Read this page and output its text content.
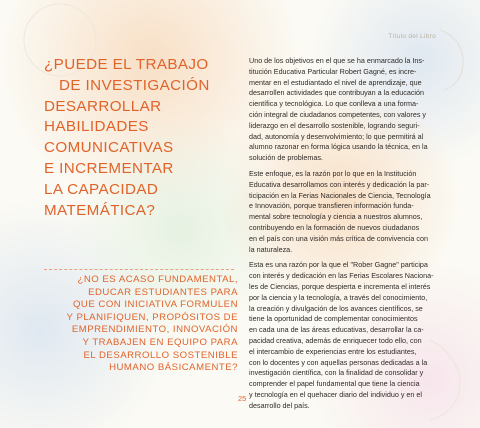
Título del Libro
¿PUEDE EL TRABAJO
DE INVESTIGACIÓN
DESARROLLAR
HABILIDADES
COMUNICATIVAS
E INCREMENTAR
LA CAPACIDAD
MATEMÁTICA?
¿NO ES ACASO FUNDAMENTAL,
EDUCAR ESTUDIANTES PARA
QUE CON INICIATIVA FORMULEN
Y PLANIFIQUEN, PROPÓSITOS DE
EMPRENDIMIENTO, INNOVACIÓN
Y TRABAJEN EN EQUIPO PARA
EL DESARROLLO SOSTENIBLE
HUMANO BÁSICAMENTE?

Uno de los objetivos en el que se ha enmarcado la Ins-
titución Educativa Particular Robert Gagné, es incre-
mentar en el estudiantado el nivel de aprendizaje, que
desarrollen actividades que contribuyan a la educación
científica y tecnológica. Lo que conlleva a una forma-
ción integral de ciudadanos competentes, con valores y
liderazgo en el desarrollo sostenible, logrando seguri-
dad, autonomía y desenvolvimiento; lo que permitirá al
alumno razonar en forma lógica usando la técnica, en la
solución de problemas.

Este enfoque, es la razón por lo que en la Institución
Educativa desarrollamos con interés y dedicación la par-
ticipación en la Ferias Nacionales de Ciencia, Tecnología
e Innovación, porque transfieren información funda-
mental sobre tecnología y ciencia a nuestros alumnos,
contribuyendo en la formación de nuevos ciudadanos
en el país con una visión más crítica de convivencia con
la naturaleza.

Esta es una razón por la que el "Rober Gagne" participa
con interés y dedicación en las Ferias Escolares Naciona-
les de Ciencias, porque despierta e incrementa el interés
por la ciencia y la tecnología, a través del conocimiento,
la creación y divulgación de los avances científicos, se
tiene la oportunidad de complementar conocimientos
en cada una de las áreas educativas, desarrollar la ca-
pacidad creativa, además de enriquecer todo ello, con
el intercambio de experiencias entre los estudiantes,
con lo docentes y con aquellas personas dedicadas a la
investigación científica, con la finalidad de consolidar y
comprender el papel fundamental que tiene la ciencia
y tecnología en el quehacer diario del individuo y en el
desarrollo del país.

25
